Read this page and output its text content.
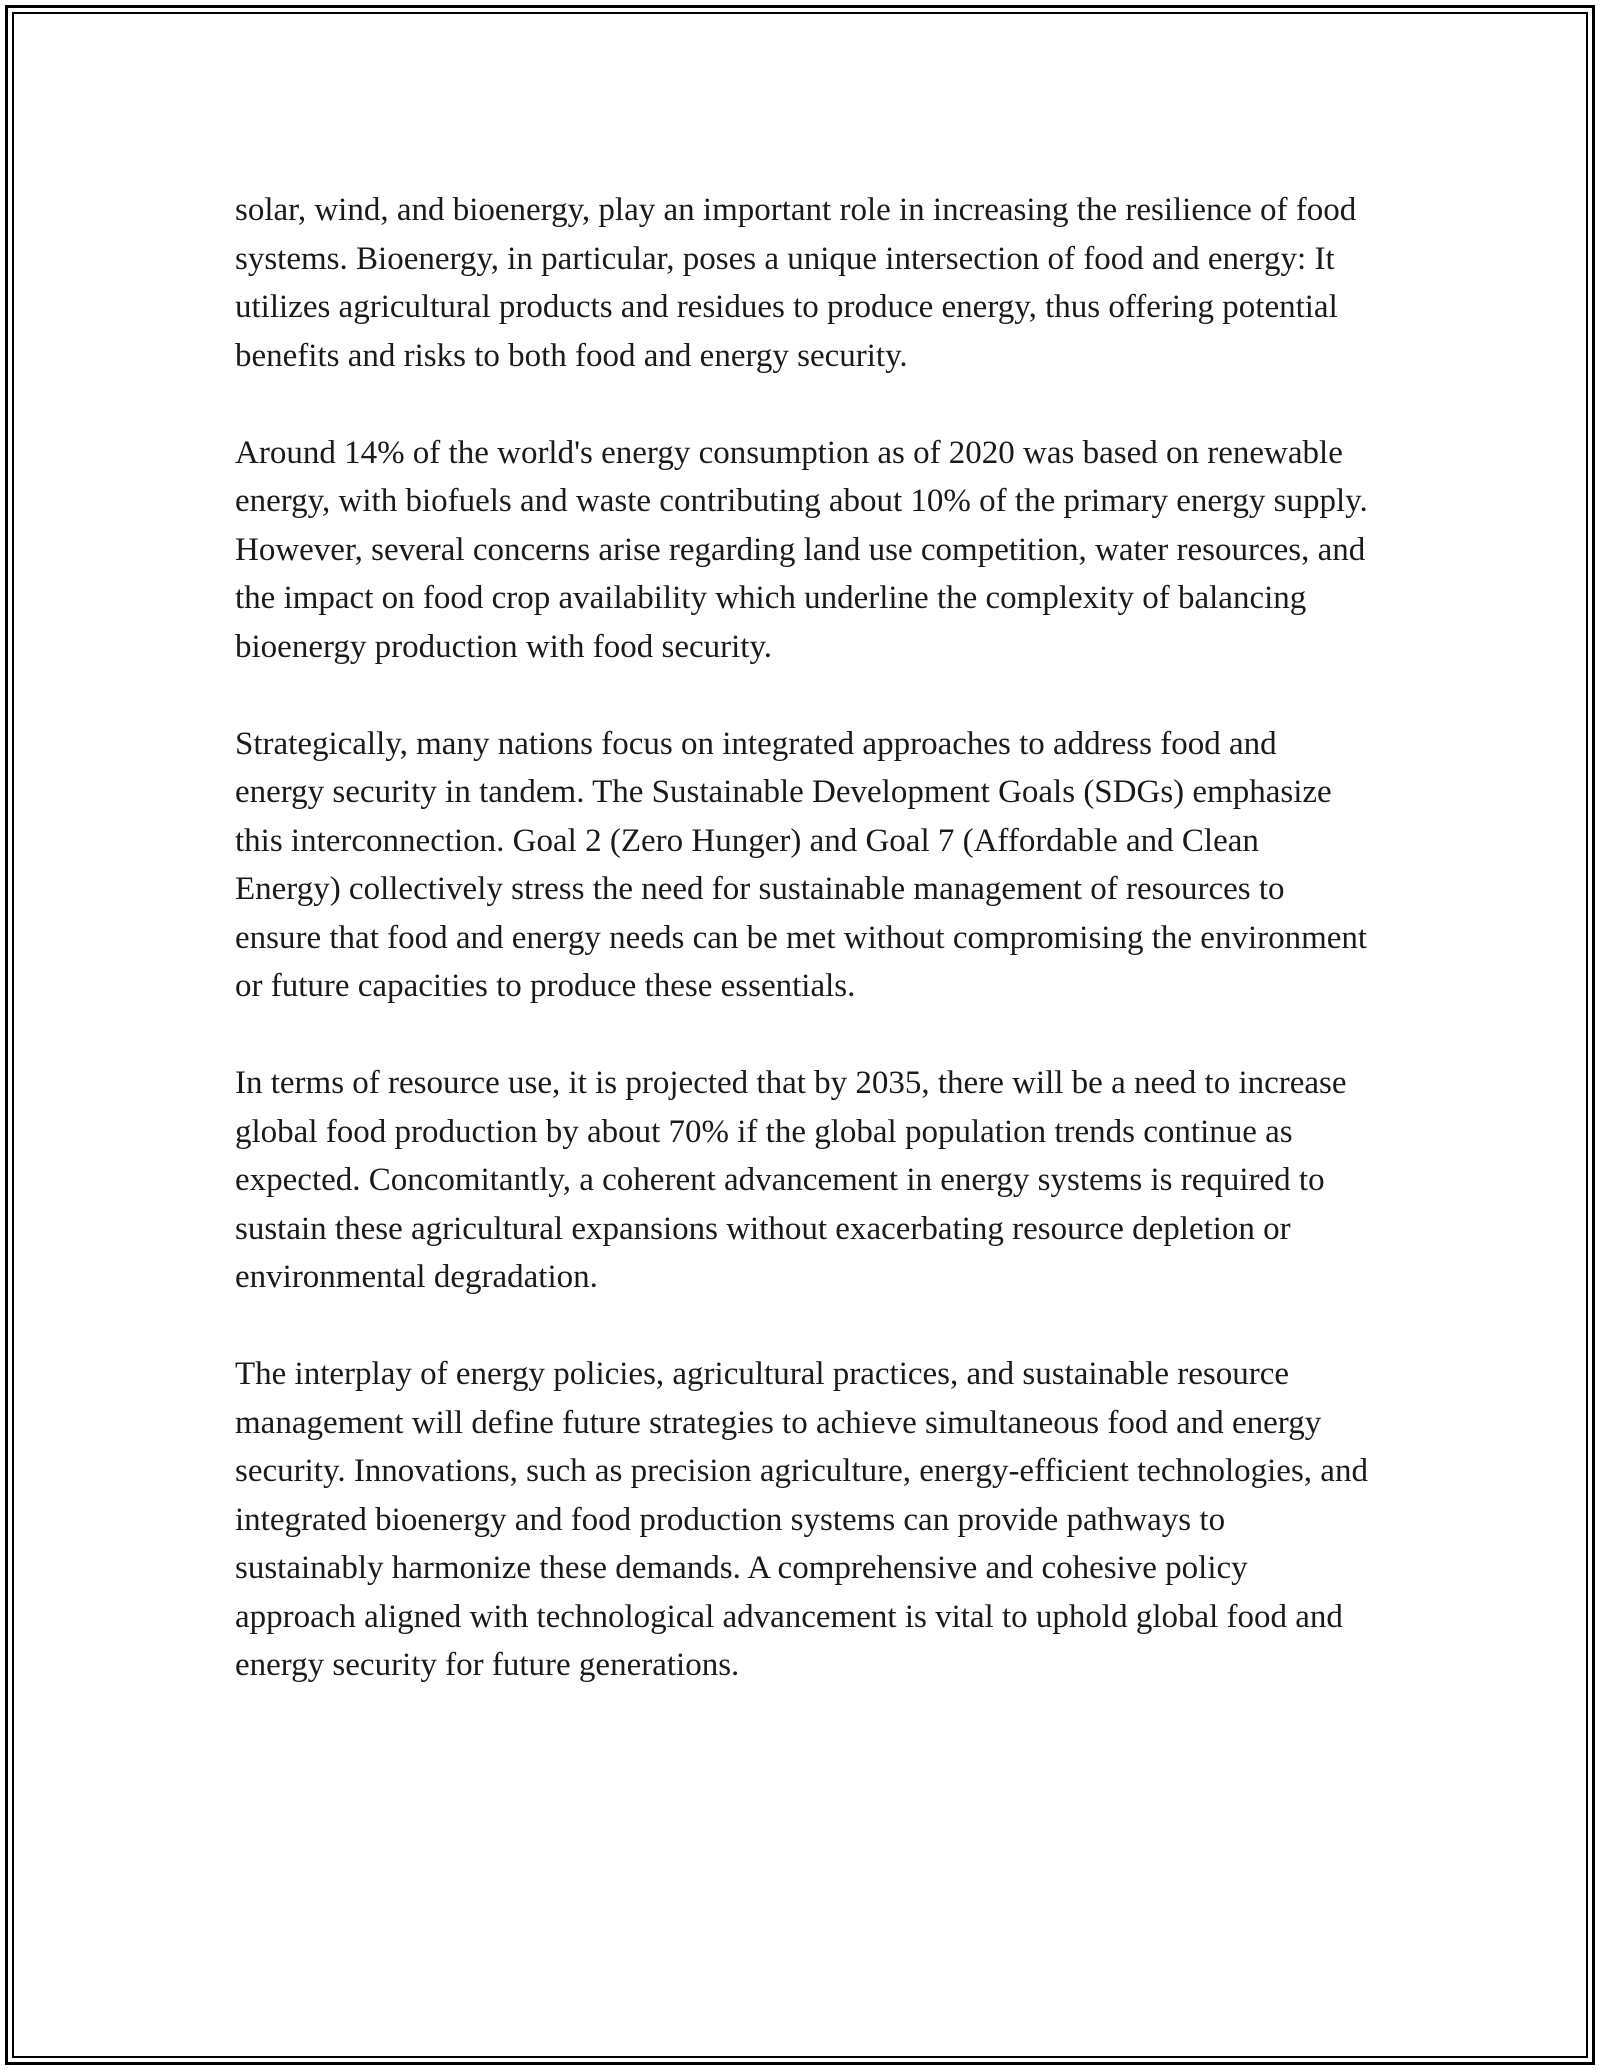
solar, wind, and bioenergy, play an important role in increasing the resilience of food systems. Bioenergy, in particular, poses a unique intersection of food and energy: It utilizes agricultural products and residues to produce energy, thus offering potential benefits and risks to both food and energy security.

Around 14% of the world's energy consumption as of 2020 was based on renewable energy, with biofuels and waste contributing about 10% of the primary energy supply. However, several concerns arise regarding land use competition, water resources, and the impact on food crop availability which underline the complexity of balancing bioenergy production with food security.

Strategically, many nations focus on integrated approaches to address food and energy security in tandem. The Sustainable Development Goals (SDGs) emphasize this interconnection. Goal 2 (Zero Hunger) and Goal 7 (Affordable and Clean Energy) collectively stress the need for sustainable management of resources to ensure that food and energy needs can be met without compromising the environment or future capacities to produce these essentials.

In terms of resource use, it is projected that by 2035, there will be a need to increase global food production by about 70% if the global population trends continue as expected. Concomitantly, a coherent advancement in energy systems is required to sustain these agricultural expansions without exacerbating resource depletion or environmental degradation.

The interplay of energy policies, agricultural practices, and sustainable resource management will define future strategies to achieve simultaneous food and energy security. Innovations, such as precision agriculture, energy-efficient technologies, and integrated bioenergy and food production systems can provide pathways to sustainably harmonize these demands. A comprehensive and cohesive policy approach aligned with technological advancement is vital to uphold global food and energy security for future generations.
